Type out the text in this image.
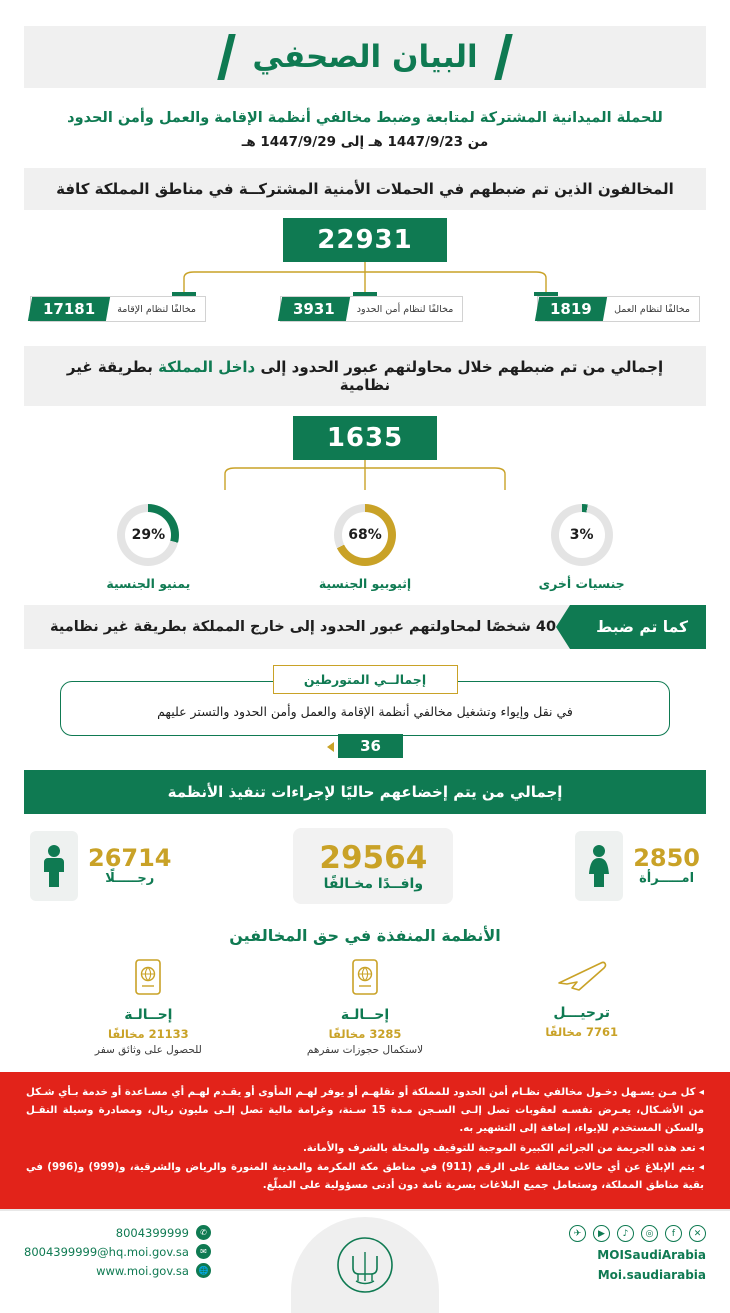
البيان الصحفي
للحملة الميدانية المشتركة لمتابعة وضبط مخالفي أنظمة الإقامة والعمل وأمن الحدود
من 1447/9/23 هـ إلى 1447/9/29 هـ
المخالفون الذين تم ضبطهم في الحملات الأمنية المشتركــة في مناطق المملكة كافة
22931
مخالفًا لنظام العمل
1819
مخالفًا لنظام أمن الحدود
3931
مخالفًا لنظام الإقامة
17181
إجمالي من تم ضبطهم خلال محاولتهم عبور الحدود إلى داخل المملكة بطريقة غير نظامية
1635
3%
جنسيات أخرى
68%
إثيوبيو الجنسية
29%
يمنيو الجنسية
كما تم ضبط
40 شخصًا لمحاولتهم عبور الحدود إلى خارج المملكة بطريقة غير نظامية
إجمالــي المتورطين
في نقل وإيواء وتشغيل مخالفي أنظمة الإقامة والعمل وأمن الحدود والتستر عليهم
36
إجمالي من يتم إخضاعهم حاليًا لإجراءات تنفيذ الأنظمة
2850
امـــــرأة
29564
وافــدًا مخـالفًا
26714
رجـــــلًا
الأنظمة المنفذة في حق المخالفين
ترحيـــل
7761 مخالفًا
إحــالـة
3285 مخالفًا
لاستكمال حجوزات سفرهم
إحــالـة
21133 مخالفًا
للحصول على وثائق سفر

◂ كل مـن يسـهل دخـول مخالفي نظـام أمن الحدود للمملكة أو نقلهـم أو يوفر لهـم المأوى أو يقـدم لهـم أي مسـاعدة أو خدمة بـأي شـكل من الأشـكال، يعـرض نفسـه لعقوبات تصل إلـى السـجن مـدة 15 سـنة، وغرامة مالية تصل إلـى مليون ريال، ومصادرة وسيلة النقـل والسكن المستخدم للإيواء، إضافة إلى التشهير به.

◂ تعد هذه الجريمة من الجرائم الكبيرة الموجبة للتوقيف والمخلة بالشرف والأمانة.

◂ يتم الإبلاغ عن أي حالات مخالفة على الرقم (911) في مناطق مكة المكرمة والمدينة المنورة والرياض والشرقية، و(999) و(996) في بقية مناطق المملكة، وستعامل جميع البلاغات بسرية تامة دون أدنى مسؤولية على المبلّغ.

✕
f
◎
♪
▶
✈
MOISaudiArabia
Moi.saudiarabia
8004399999	✆
8004399999@hq.moi.gov.sa	✉
www.moi.gov.sa	🌐
